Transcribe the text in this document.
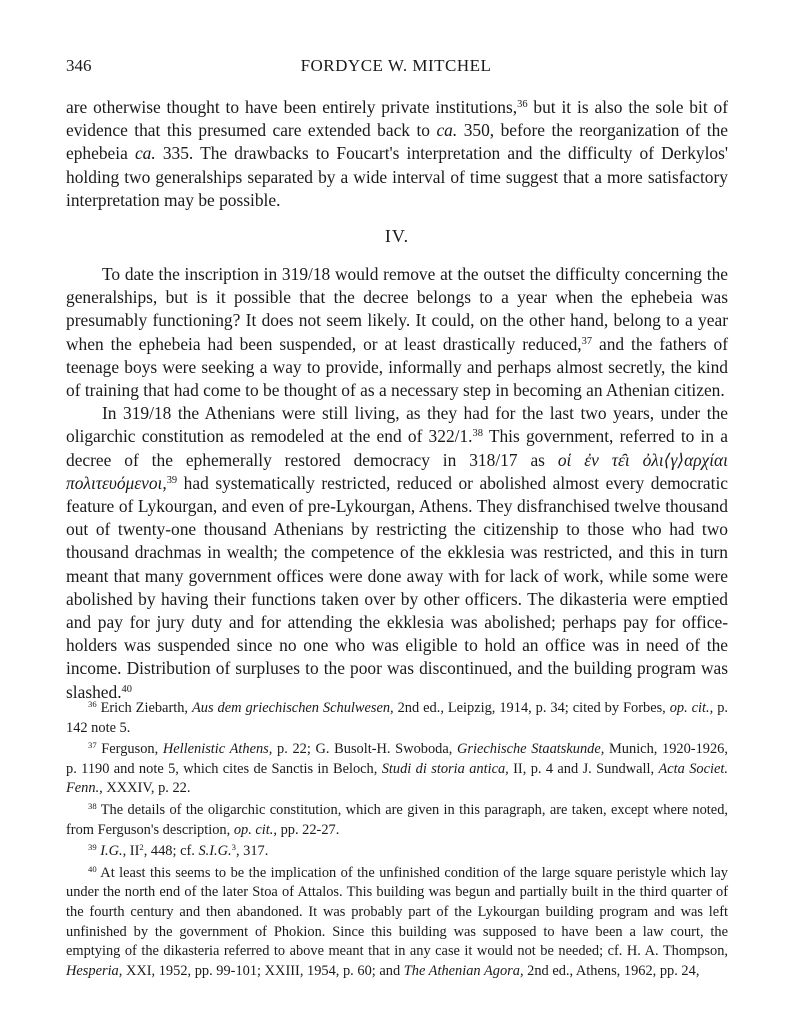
346	FORDYCE W. MITCHEL

are otherwise thought to have been entirely private institutions,$^{36}$ but it is also the sole bit of evidence that this presumed care extended back to ca. 350, before the reorganization of the ephebeia ca. 335. The drawbacks to Foucart's interpretation and the difficulty of Derkylos' holding two generalships separated by a wide interval of time suggest that a more satisfactory interpretation may be possible.

IV.

To date the inscription in 319/18 would remove at the outset the difficulty concerning the generalships, but is it possible that the decree belongs to a year when the ephebeia was presumably functioning? It does not seem likely. It could, on the other hand, belong to a year when the ephebeia had been suspended, or at least drastically reduced,$^{37}$ and the fathers of teenage boys were seeking a way to provide, informally and perhaps almost secretly, the kind of training that had come to be thought of as a necessary step in becoming an Athenian citizen.

In 319/18 the Athenians were still living, as they had for the last two years, under the oligarchic constitution as remodeled at the end of 322/1.38 This government, referred to in a decree of the ephemerally restored democracy in 318/17 as οἱ ἐν τε̑ι ὀλι⟨γ⟩αρχίαι πολιτευόμενοι,$^{39}$ had systematically restricted, reduced or abolished almost every democratic feature of Lykourgan, and even of pre-Lykourgan, Athens. They disfranchised twelve thousand out of twenty-one thousand Athenians by restricting the citizenship to those who had two thousand drachmas in wealth; the competence of the ekklesia was restricted, and this in turn meant that many government offices were done away with for lack of work, while some were abolished by having their functions taken over by other officers. The dikasteria were emptied and pay for jury duty and for attending the ekklesia was abolished; perhaps pay for office-holders was suspended since no one who was eligible to hold an office was in need of the income. Distribution of surpluses to the poor was discontinued, and the building program was slashed.$^{40}$

$^{36}$ Erich Ziebarth, Aus dem griechischen Schulwesen, 2nd ed., Leipzig, 1914, p. 34; cited by Forbes, op. cit., p. 142 note 5.

$^{37}$ Ferguson, Hellenistic Athens, p. 22; G. Busolt-H. Swoboda, Griechische Staatskunde, Munich, 1920-1926, p. 1190 and note 5, which cites de Sanctis in Beloch, Studi di storia antica, II, p. 4 and J. Sundwall, Acta Societ. Fenn., XXXIV, p. 22.

$^{38}$ The details of the oligarchic constitution, which are given in this paragraph, are taken, except where noted, from Ferguson's description, op. cit., pp. 22-27.

$^{39}$ I.G., $II^2$, 448; cf. S.I.G.$^3$, 317.

$^{40}$ At least this seems to be the implication of the unfinished condition of the large square peristyle which lay under the north end of the later Stoa of Attalos. This building was begun and partially built in the third quarter of the fourth century and then abandoned. It was probably part of the Lykourgan building program and was left unfinished by the government of Phokion. Since this building was supposed to have been a law court, the emptying of the dikasteria referred to above meant that in any case it would not be needed; cf. H. A. Thompson, Hesperia, XXI, 1952, pp. 99-101; XXIII, 1954, p. 60; and The Athenian Agora, 2nd ed., Athens, 1962, pp. 24,
